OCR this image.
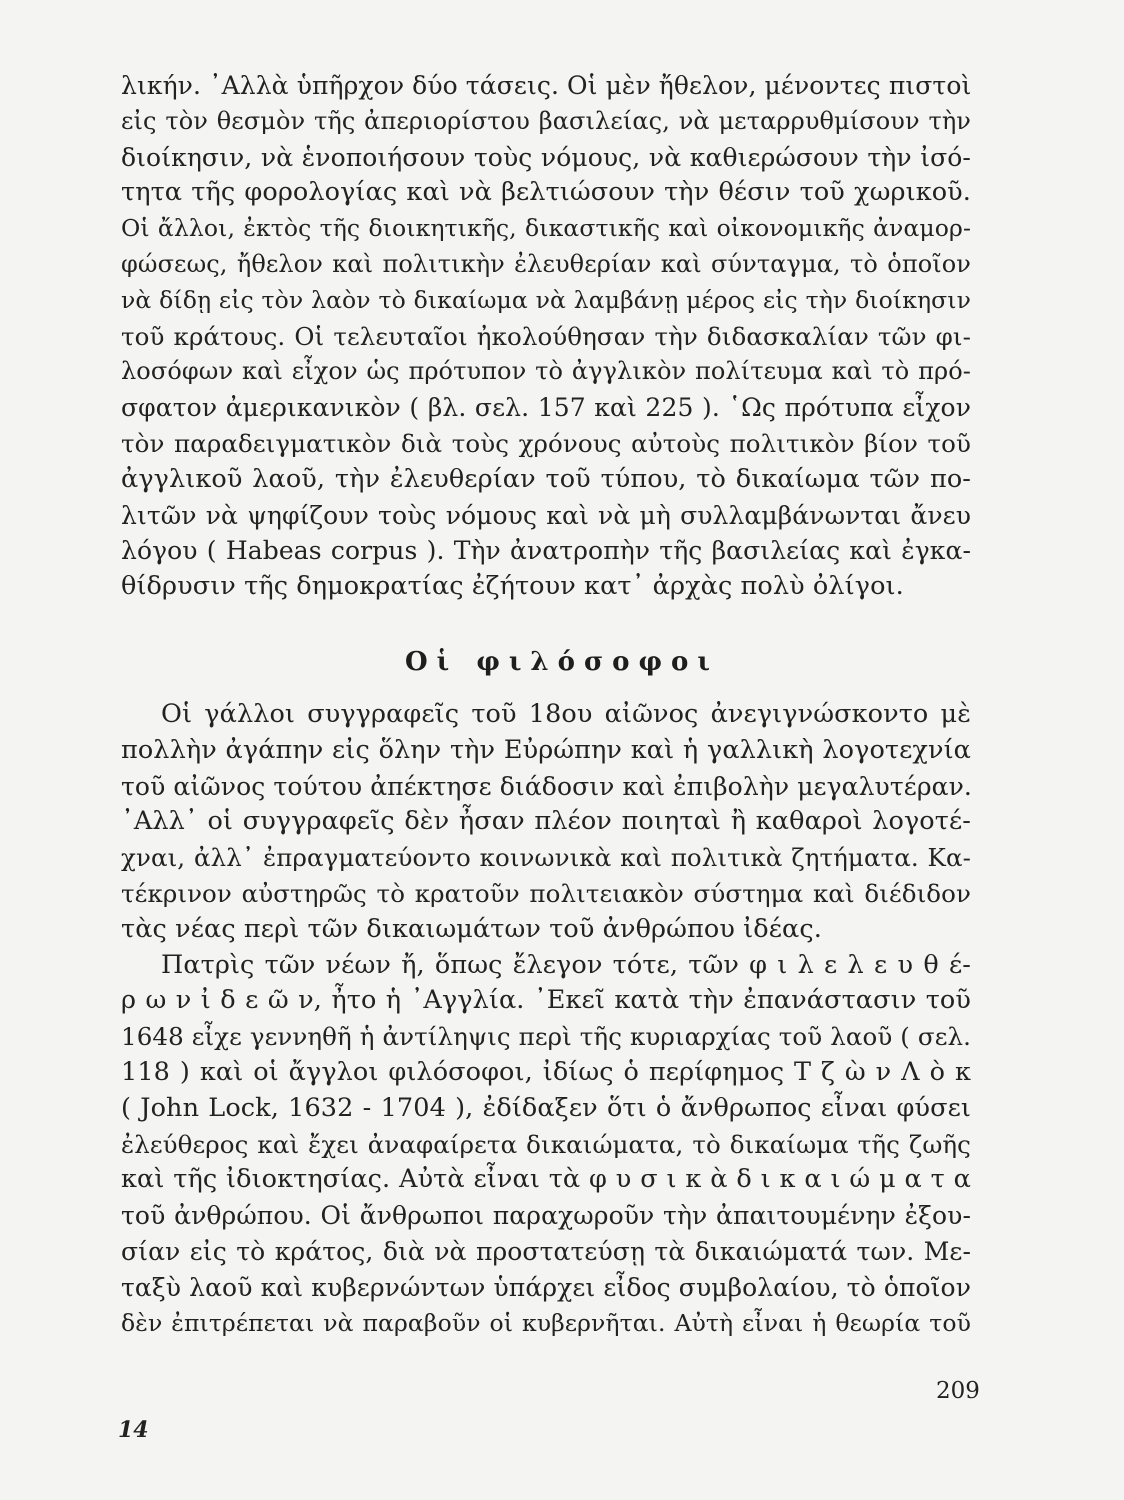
λικήν. ᾽Αλλὰ ὑπῆρχον δύο τάσεις. Οἱ μὲν ἤθελον, μένοντες πιστοὶ
εἰς τὸν θεσμὸν τῆς ἀπεριορίστου βασιλείας, νὰ μεταρρυθμίσουν τὴν
διοίκησιν, νὰ ἑνοποιήσουν τοὺς νόμους, νὰ καθιερώσουν τὴν ἰσό-
τητα τῆς φορολογίας καὶ νὰ βελτιώσουν τὴν θέσιν τοῦ χωρικοῦ.
Οἱ ἄλλοι, ἐκτὸς τῆς διοικητικῆς, δικαστικῆς καὶ οἰκονομικῆς ἀναμορ-
φώσεως, ἤθελον καὶ πολιτικὴν ἐλευθερίαν καὶ σύνταγμα, τὸ ὁποῖον
νὰ δίδῃ εἰς τὸν λαὸν τὸ δικαίωμα νὰ λαμβάνῃ μέρος εἰς τὴν διοίκησιν
τοῦ κράτους. Οἱ τελευταῖοι ἠκολούθησαν τὴν διδασκαλίαν τῶν φι-
λοσόφων καὶ εἶχον ὡς πρότυπον τὸ ἀγγλικὸν πολίτευμα καὶ τὸ πρό-
σφατον ἀμερικανικὸν ( βλ. σελ. 157 καὶ 225 ). ῾Ως πρότυπα εἶχον
τὸν παραδειγματικὸν διὰ τοὺς χρόνους αὐτοὺς πολιτικὸν βίον τοῦ
ἀγγλικοῦ λαοῦ, τὴν ἐλευθερίαν τοῦ τύπου, τὸ δικαίωμα τῶν πο-
λιτῶν νὰ ψηφίζουν τοὺς νόμους καὶ νὰ μὴ συλλαμβάνωνται ἄνευ
λόγου ( Habeas corpus ). Τὴν ἀνατροπὴν τῆς βασιλείας καὶ ἐγκα-
θίδρυσιν τῆς δημοκρατίας ἐζήτουν κατ᾽ ἀρχὰς πολὺ ὀλίγοι.
Οἱ φιλόσοφοι
Οἱ γάλλοι συγγραφεῖς τοῦ 18ου αἰῶνος ἀνεγιγνώσκοντο μὲ
πολλὴν ἀγάπην εἰς ὅλην τὴν Εὐρώπην καὶ ἡ γαλλικὴ λογοτεχνία
τοῦ αἰῶνος τούτου ἀπέκτησε διάδοσιν καὶ ἐπιβολὴν μεγαλυτέραν.
᾽Αλλ᾽ οἱ συγγραφεῖς δὲν ἦσαν πλέον ποιηταὶ ἢ καθαροὶ λογοτέ-
χναι, ἀλλ᾽ ἐπραγματεύοντο κοινωνικὰ καὶ πολιτικὰ ζητήματα. Κα-
τέκρινον αὐστηρῶς τὸ κρατοῦν πολιτειακὸν σύστημα καὶ διέδιδον
τὰς νέας περὶ τῶν δικαιωμάτων τοῦ ἀνθρώπου ἰδέας.
Πατρὶς τῶν νέων ἤ, ὅπως ἔλεγον τότε, τῶν φ ι λ ε λ ε υ θ έ-
ρ ω ν ἰ δ ε ῶ ν, ἦτο ἡ ᾽Αγγλία. ᾽Εκεῖ κατὰ τὴν ἐπανάστασιν τοῦ
1648 εἶχε γεννηθῆ ἡ ἀντίληψις περὶ τῆς κυριαρχίας τοῦ λαοῦ ( σελ.
118 ) καὶ οἱ ἄγγλοι φιλόσοφοι, ἰδίως ὁ περίφημος Τ ζ ὼ ν Λ ὸ κ
( John Lock, 1632 - 1704 ), ἐδίδαξεν ὅτι ὁ ἄνθρωπος εἶναι φύσει
ἐλεύθερος καὶ ἔχει ἀναφαίρετα δικαιώματα, τὸ δικαίωμα τῆς ζωῆς
καὶ τῆς ἰδιοκτησίας. Αὐτὰ εἶναι τὰ φ υ σ ι κ ὰ δ ι κ α ι ώ μ α τ α
τοῦ ἀνθρώπου. Οἱ ἄνθρωποι παραχωροῦν τὴν ἀπαιτουμένην ἐξου-
σίαν εἰς τὸ κράτος, διὰ νὰ προστατεύσῃ τὰ δικαιώματά των. Με-
ταξὺ λαοῦ καὶ κυβερνώντων ὑπάρχει εἶδος συμβολαίου, τὸ ὁποῖον
δὲν ἐπιτρέπεται νὰ παραβοῦν οἱ κυβερνῆται. Αὐτὴ εἶναι ἡ θεωρία τοῦ
209
14
